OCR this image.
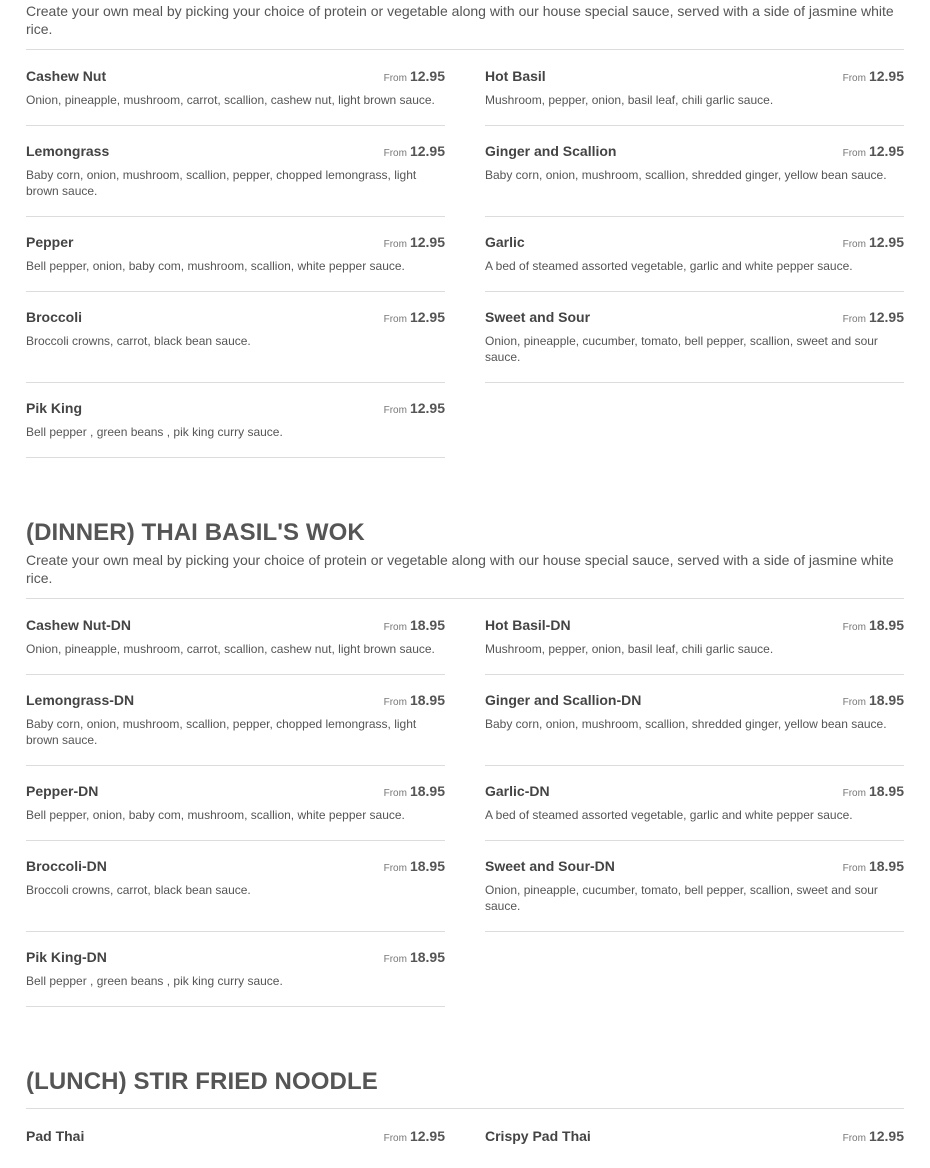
Create your own meal by picking your choice of protein or vegetable along with our house special sauce, served with a side of jasmine white rice.
Cashew Nut	From 12.95
Onion, pineapple, mushroom, carrot, scallion, cashew nut, light brown sauce.
Hot Basil	From 12.95
Mushroom, pepper, onion, basil leaf, chili garlic sauce.
Lemongrass	From 12.95
Baby corn, onion, mushroom, scallion, pepper, chopped lemongrass, light brown sauce.
Ginger and Scallion	From 12.95
Baby corn, onion, mushroom, scallion, shredded ginger, yellow bean sauce.
Pepper	From 12.95
Bell pepper, onion, baby com, mushroom, scallion, white pepper sauce.
Garlic	From 12.95
A bed of steamed assorted vegetable, garlic and white pepper sauce.
Broccoli	From 12.95
Broccoli crowns, carrot, black bean sauce.
Sweet and Sour	From 12.95
Onion, pineapple, cucumber, tomato, bell pepper, scallion, sweet and sour sauce.
Pik King	From 12.95
Bell pepper , green beans , pik king curry sauce.
(DINNER) THAI BASIL'S WOK
Create your own meal by picking your choice of protein or vegetable along with our house special sauce, served with a side of jasmine white rice.
Cashew Nut-DN	From 18.95
Onion, pineapple, mushroom, carrot, scallion, cashew nut, light brown sauce.
Hot Basil-DN	From 18.95
Mushroom, pepper, onion, basil leaf, chili garlic sauce.
Lemongrass-DN	From 18.95
Baby corn, onion, mushroom, scallion, pepper, chopped lemongrass, light brown sauce.
Ginger and Scallion-DN	From 18.95
Baby corn, onion, mushroom, scallion, shredded ginger, yellow bean sauce.
Pepper-DN	From 18.95
Bell pepper, onion, baby com, mushroom, scallion, white pepper sauce.
Garlic-DN	From 18.95
A bed of steamed assorted vegetable, garlic and white pepper sauce.
Broccoli-DN	From 18.95
Broccoli crowns, carrot, black bean sauce.
Sweet and Sour-DN	From 18.95
Onion, pineapple, cucumber, tomato, bell pepper, scallion, sweet and sour sauce.
Pik King-DN	From 18.95
Bell pepper , green beans , pik king curry sauce.
(LUNCH) STIR FRIED NOODLE
Pad Thai	From 12.95	Crispy Pad Thai	From 12.95
